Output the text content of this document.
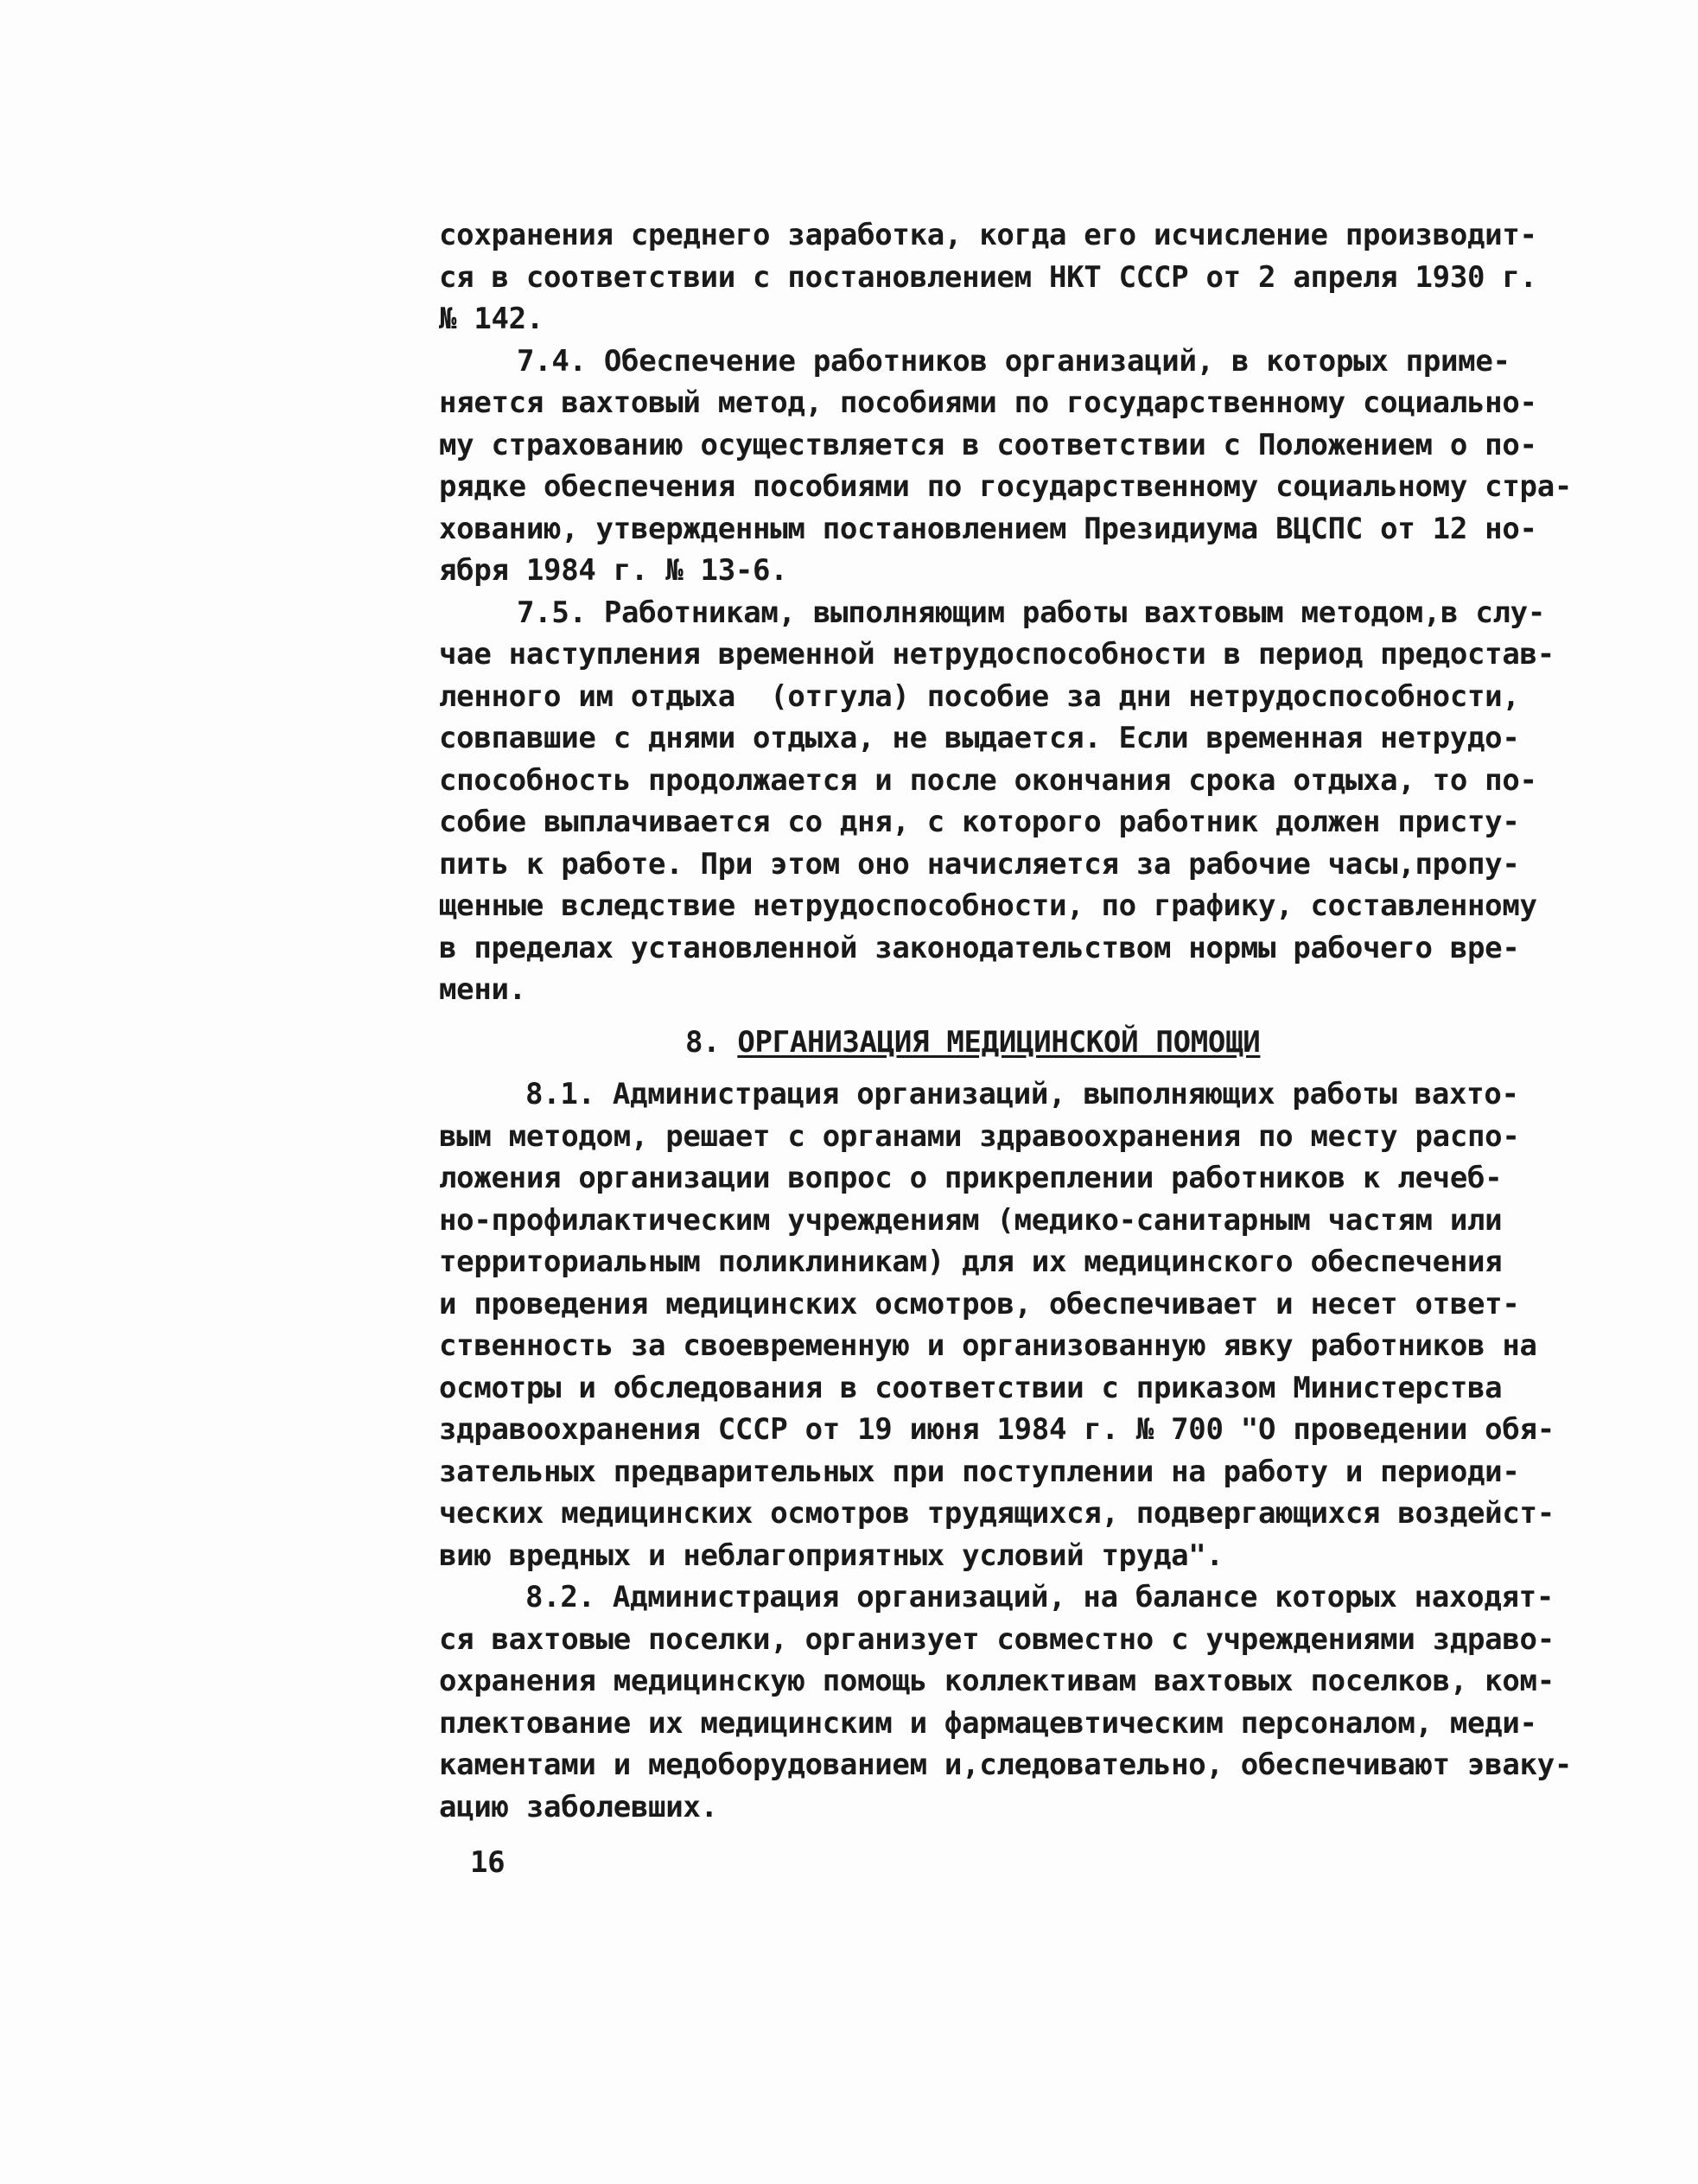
сохранения среднего заработка, когда его исчисление производит-
ся в соответствии с постановлением НКТ СССР от 2 апреля 1930 г.
№ 142.
7.4. Обеспечение работников организаций, в которых приме-
няется вахтовый метод, пособиями по государственному социально-
му страхованию осуществляется в соответствии с Положением о по-
рядке обеспечения пособиями по государственному социальному стра-
хованию, утвержденным постановлением Президиума ВЦСПС от 12 но-
ября 1984 г. № 13-6.
7.5. Работникам, выполняющим работы вахтовым методом,в слу-
чае наступления временной нетрудоспособности в период предостав-
ленного им отдыха  (отгула) пособие за дни нетрудоспособности,
совпавшие с днями отдыха, не выдается. Если временная нетрудо-
способность продолжается и после окончания срока отдыха, то по-
собие выплачивается со дня, с которого работник должен присту-
пить к работе. При этом оно начисляется за рабочие часы,пропу-
щенные вследствие нетрудоспособности, по графику, составленному
в пределах установленной законодательством нормы рабочего вре-
мени.
8. ОРГАНИЗАЦИЯ МЕДИЦИНСКОЙ ПОМОЩИ
8.1. Администрация организаций, выполняющих работы вахто-
вым методом, решает с органами здравоохранения по месту распо-
ложения организации вопрос о прикреплении работников к лечеб-
но-профилактическим учреждениям (медико-санитарным частям или
территориальным поликлиникам) для их медицинского обеспечения
и проведения медицинских осмотров, обеспечивает и несет ответ-
ственность за своевременную и организованную явку работников на
осмотры и обследования в соответствии с приказом Министерства
здравоохранения СССР от 19 июня 1984 г. № 700 "О проведении обя-
зательных предварительных при поступлении на работу и периоди-
ческих медицинских осмотров трудящихся, подвергающихся воздейст-
вию вредных и неблагоприятных условий труда".
8.2. Администрация организаций, на балансе которых находят-
ся вахтовые поселки, организует совместно с учреждениями здраво-
охранения медицинскую помощь коллективам вахтовых поселков, ком-
плектование их медицинским и фармацевтическим персоналом, меди-
каментами и медоборудованием и,следовательно, обеспечивают эваку-
ацию заболевших.
16
